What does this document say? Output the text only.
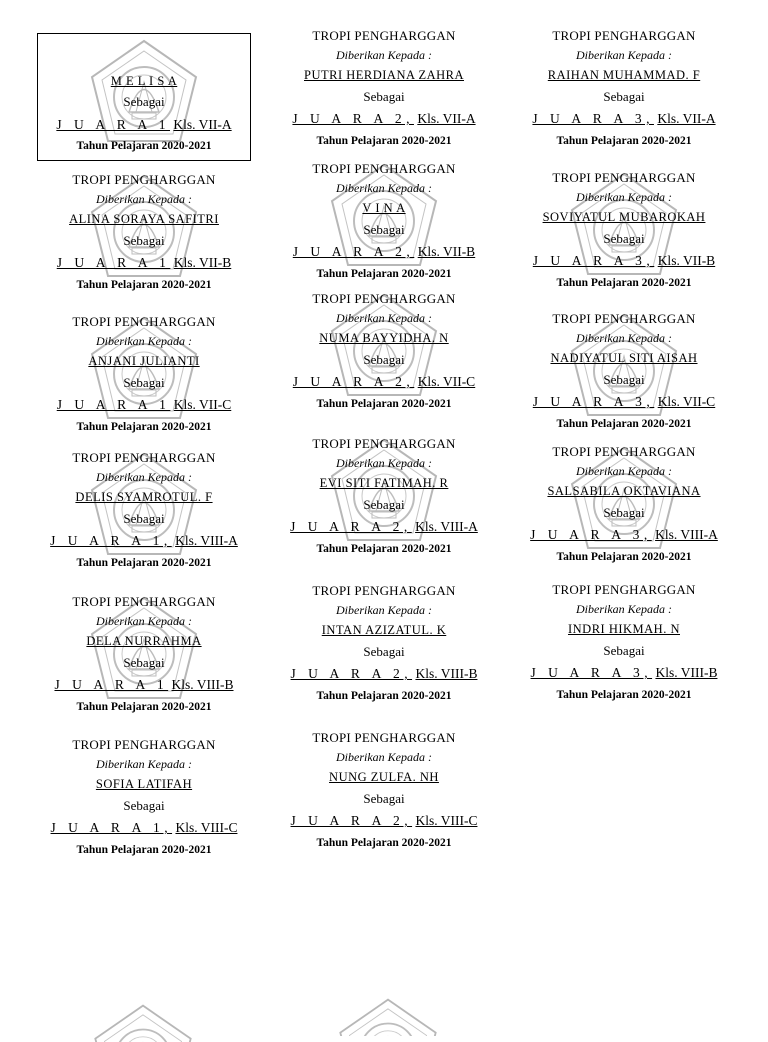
M E L I S A
Sebagai
J U A R A 1 Kls. VII-A
Tahun Pelajaran 2020-2021
TROPI PENGHARGGAN
Diberikan Kepada :
ALINA SORAYA SAFITRI
Sebagai
J U A R A 1 Kls. VII-B
Tahun Pelajaran 2020-2021
TROPI PENGHARGGAN
Diberikan Kepada :
ANJANI JULIANTI
Sebagai
J U A R A 1 Kls. VII-C
Tahun Pelajaran 2020-2021
TROPI PENGHARGGAN
Diberikan Kepada :
DELIS SYAMROTUL. F
Sebagai
J U A R A 1, Kls. VIII-A
Tahun Pelajaran 2020-2021
TROPI PENGHARGGAN
Diberikan Kepada :
DELA NURRAHMA
Sebagai
J U A R A 1 Kls. VIII-B
Tahun Pelajaran 2020-2021
TROPI PENGHARGGAN
Diberikan Kepada :
SOFIA LATIFAH
Sebagai
J U A R A 1, Kls. VIII-C
Tahun Pelajaran 2020-2021
TROPI PENGHARGGAN
Diberikan Kepada :
PUTRI HERDIANA ZAHRA
Sebagai
J U A R A 2, Kls. VII-A
Tahun Pelajaran 2020-2021
TROPI PENGHARGGAN
Diberikan Kepada :
V I N A
Sebagai
J U A R A 2, Kls. VII-B
Tahun Pelajaran 2020-2021
TROPI PENGHARGGAN
Diberikan Kepada :
NUMA BAYYIDHA. N
Sebagai
J U A R A 2, Kls. VII-C
Tahun Pelajaran 2020-2021
TROPI PENGHARGGAN
Diberikan Kepada :
EVI SITI FATIMAH. R
Sebagai
J U A R A 2, Kls. VIII-A
Tahun Pelajaran 2020-2021
TROPI PENGHARGGAN
Diberikan Kepada :
INTAN AZIZATUL. K
Sebagai
J U A R A 2, Kls. VIII-B
Tahun Pelajaran 2020-2021
TROPI PENGHARGGAN
Diberikan Kepada :
NUNG ZULFA. NH
Sebagai
J U A R A 2, Kls. VIII-C
Tahun Pelajaran 2020-2021
TROPI PENGHARGGAN
Diberikan Kepada :
RAIHAN MUHAMMAD. F
Sebagai
J U A R A 3, Kls. VII-A
Tahun Pelajaran 2020-2021
TROPI PENGHARGGAN
Diberikan Kepada :
SOVIYATUL MUBAROKAH
Sebagai
J U A R A 3, Kls. VII-B
Tahun Pelajaran 2020-2021
TROPI PENGHARGGAN
Diberikan Kepada :
NADIYATUL SITI AISAH
Sebagai
J U A R A 3, Kls. VII-C
Tahun Pelajaran 2020-2021
TROPI PENGHARGGAN
Diberikan Kepada :
SALSABILA OKTAVIANA
Sebagai
J U A R A 3, Kls. VIII-A
Tahun Pelajaran 2020-2021
TROPI PENGHARGGAN
Diberikan Kepada :
INDRI HIKMAH. N
Sebagai
J U A R A 3, Kls. VIII-B
Tahun Pelajaran 2020-2021
